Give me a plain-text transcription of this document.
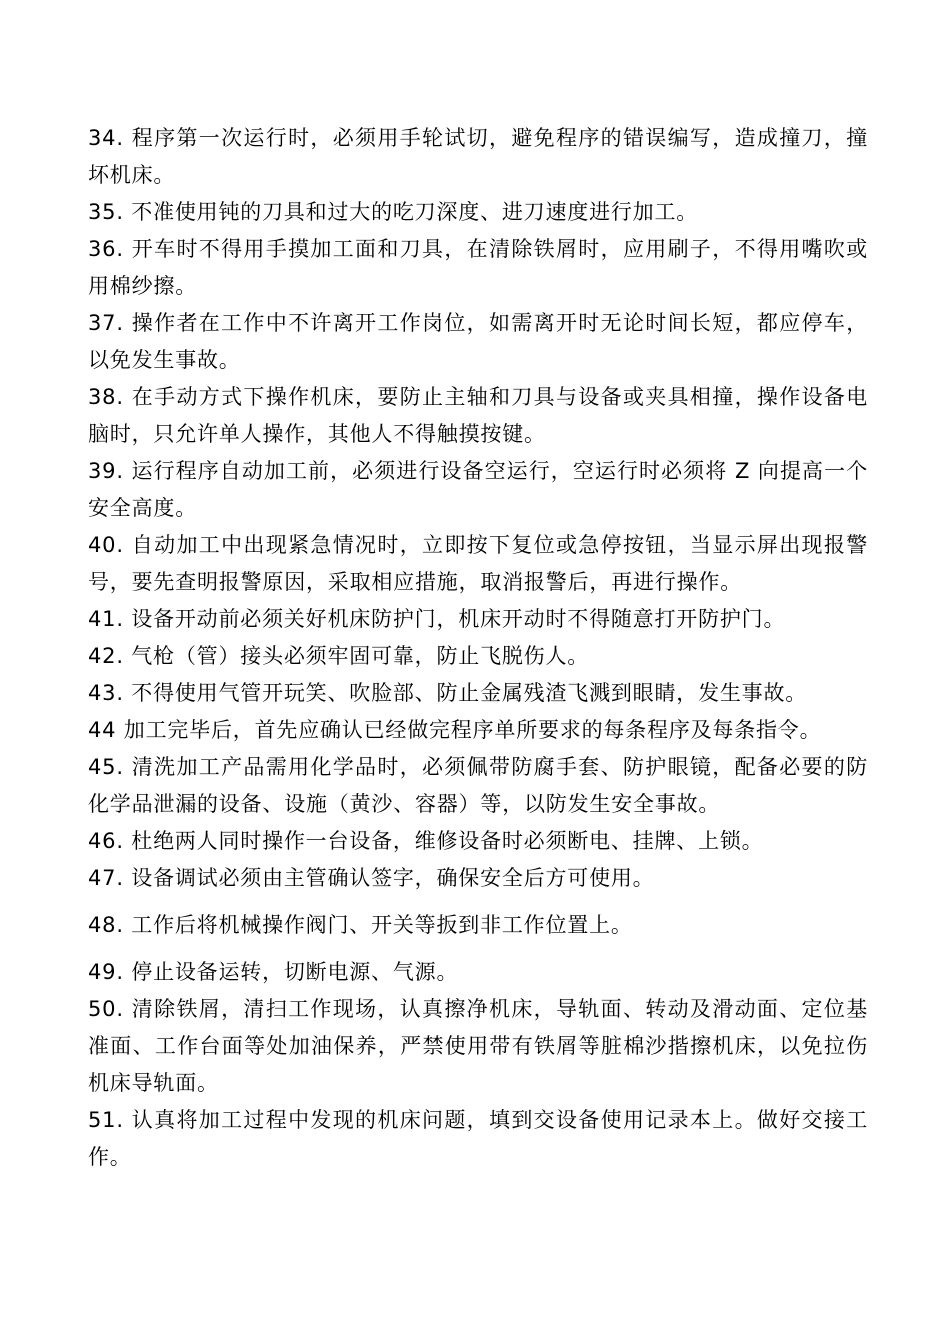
34. 程序第一次运行时，必须用手轮试切，避免程序的错误编写，造成撞刀，撞坏机床。

35. 不准使用钝的刀具和过大的吃刀深度、进刀速度进行加工。

36. 开车时不得用手摸加工面和刀具，在清除铁屑时，应用刷子，不得用嘴吹或用棉纱擦。

37. 操作者在工作中不许离开工作岗位，如需离开时无论时间长短，都应停车，以免发生事故。

38. 在手动方式下操作机床，要防止主轴和刀具与设备或夹具相撞，操作设备电脑时，只允许单人操作，其他人不得触摸按键。

39. 运行程序自动加工前，必须进行设备空运行，空运行时必须将 Z 向提高一个安全高度。

40. 自动加工中出现紧急情况时，立即按下复位或急停按钮，当显示屏出现报警号，要先查明报警原因，采取相应措施，取消报警后，再进行操作。

41. 设备开动前必须关好机床防护门，机床开动时不得随意打开防护门。

42. 气枪（管）接头必须牢固可靠，防止飞脱伤人。

43. 不得使用气管开玩笑、吹脸部、防止金属残渣飞溅到眼睛，发生事故。

44 加工完毕后，首先应确认已经做完程序单所要求的每条程序及每条指令。

45. 清洗加工产品需用化学品时，必须佩带防腐手套、防护眼镜，配备必要的防化学品泄漏的设备、设施（黄沙、容器）等，以防发生安全事故。

46. 杜绝两人同时操作一台设备，维修设备时必须断电、挂牌、上锁。

47. 设备调试必须由主管确认签字，确保安全后方可使用。

48. 工作后将机械操作阀门、开关等扳到非工作位置上。

49. 停止设备运转，切断电源、气源。

50. 清除铁屑，清扫工作现场，认真擦净机床，导轨面、转动及滑动面、定位基准面、工作台面等处加油保养，严禁使用带有铁屑等脏棉沙揩擦机床，以免拉伤机床导轨面。

51. 认真将加工过程中发现的机床问题，填到交设备使用记录本上。做好交接工作。
